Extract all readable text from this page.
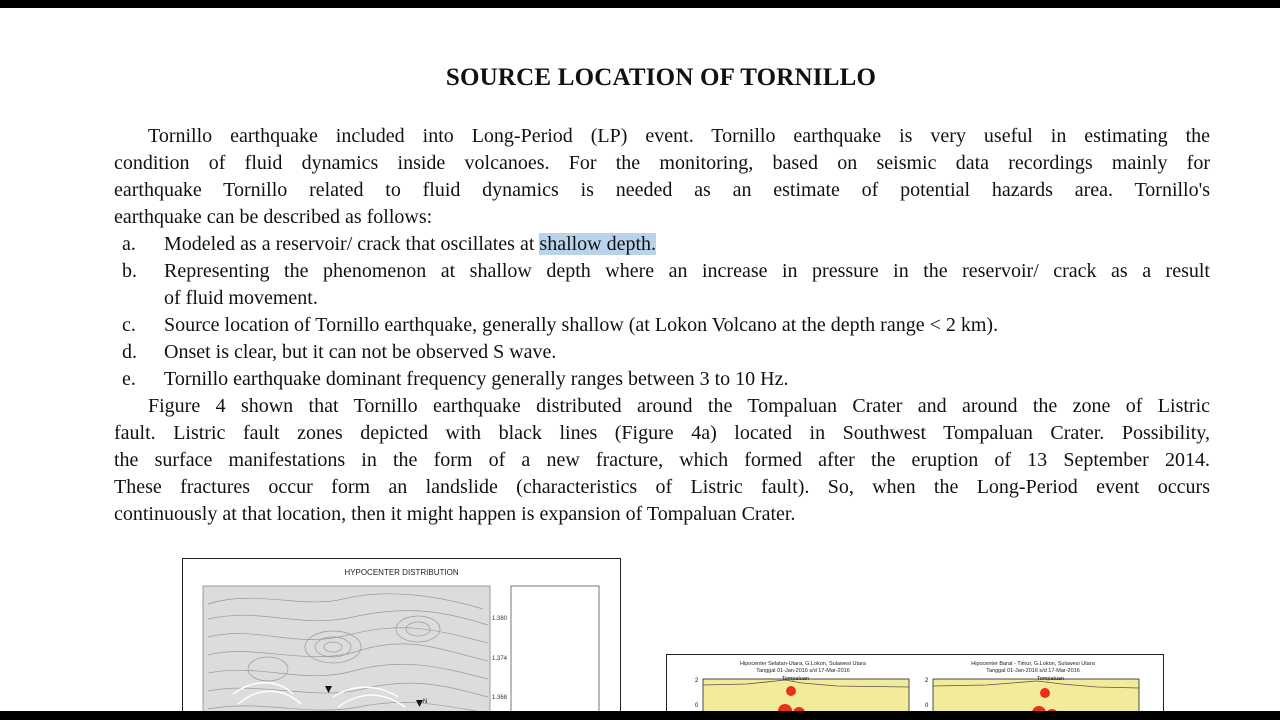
SOURCE LOCATION OF TORNILLO
Tornillo earthquake included into Long-Period (LP) event. Tornillo earthquake is very useful in estimating the
condition of fluid dynamics inside volcanoes. For the monitoring, based on seismic data recordings mainly for
earthquake Tornillo related to fluid dynamics is needed as an estimate of potential hazards area. Tornillo's
earthquake can be described as follows:
a. Modeled as a reservoir/ crack that oscillates at shallow depth.
b. Representing the phenomenon at shallow depth where an increase in pressure in the reservoir/ crack as a result
of fluid movement.
c. Source location of Tornillo earthquake, generally shallow (at Lokon Volcano at the depth range < 2 km).
d. Onset is clear, but it can not be observed S wave.
e. Tornillo earthquake dominant frequency generally ranges between 3 to 10 Hz.
Figure 4 shown that Tornillo earthquake distributed around the Tompaluan Crater and around the zone of Listric
fault. Listric fault zones depicted with black lines (Figure 4a) located in Southwest Tompaluan Crater. Possibility,
the surface manifestations in the form of a new fracture, which formed after the eruption of 13 September 2014.
These fractures occur form an landslide (characteristics of Listric fault). So, when the Long-Period event occurs
continuously at that location, then it might happen is expansion of Tompaluan Crater.
HYPOCENTER DISTRIBUTION
N
1.380
1.374
1.368
Hipocenter Selatan-Utara, G.Lokon, Sulawesi Utara
Tanggal 01-Jan-2016 s/d 17-Mar-2016
Hipocenter Barat - Timur, G.Lokon, Sulawesi Utara
Tanggal 01-Jan-2016 s/d 17-Mar-2016
Tompaluan	Tompaluan
2
0
2
0
